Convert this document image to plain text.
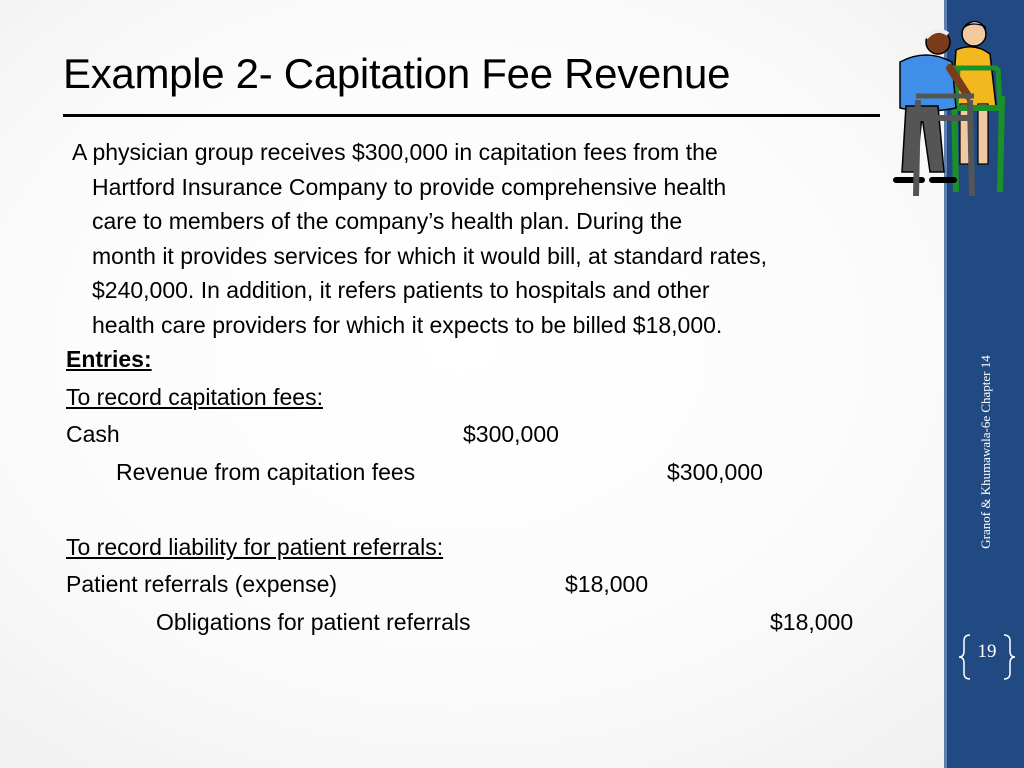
Example 2- Capitation Fee Revenue
A physician group receives $300,000 in capitation fees from the
Hartford Insurance Company to provide comprehensive health
care to members of the company’s health plan. During the
month it provides services for which it would bill, at standard rates,
$240,000. In addition, it refers patients to hospitals and other
health care providers for which it expects to be billed $18,000.
Entries:
To record capitation fees:
Cash	$300,000
Revenue from capitation fees	$300,000
To record liability for patient referrals:
Patient referrals (expense)	$18,000
Obligations for patient referrals	$18,000
Granof & Khumawala-6e Chapter 14
19
